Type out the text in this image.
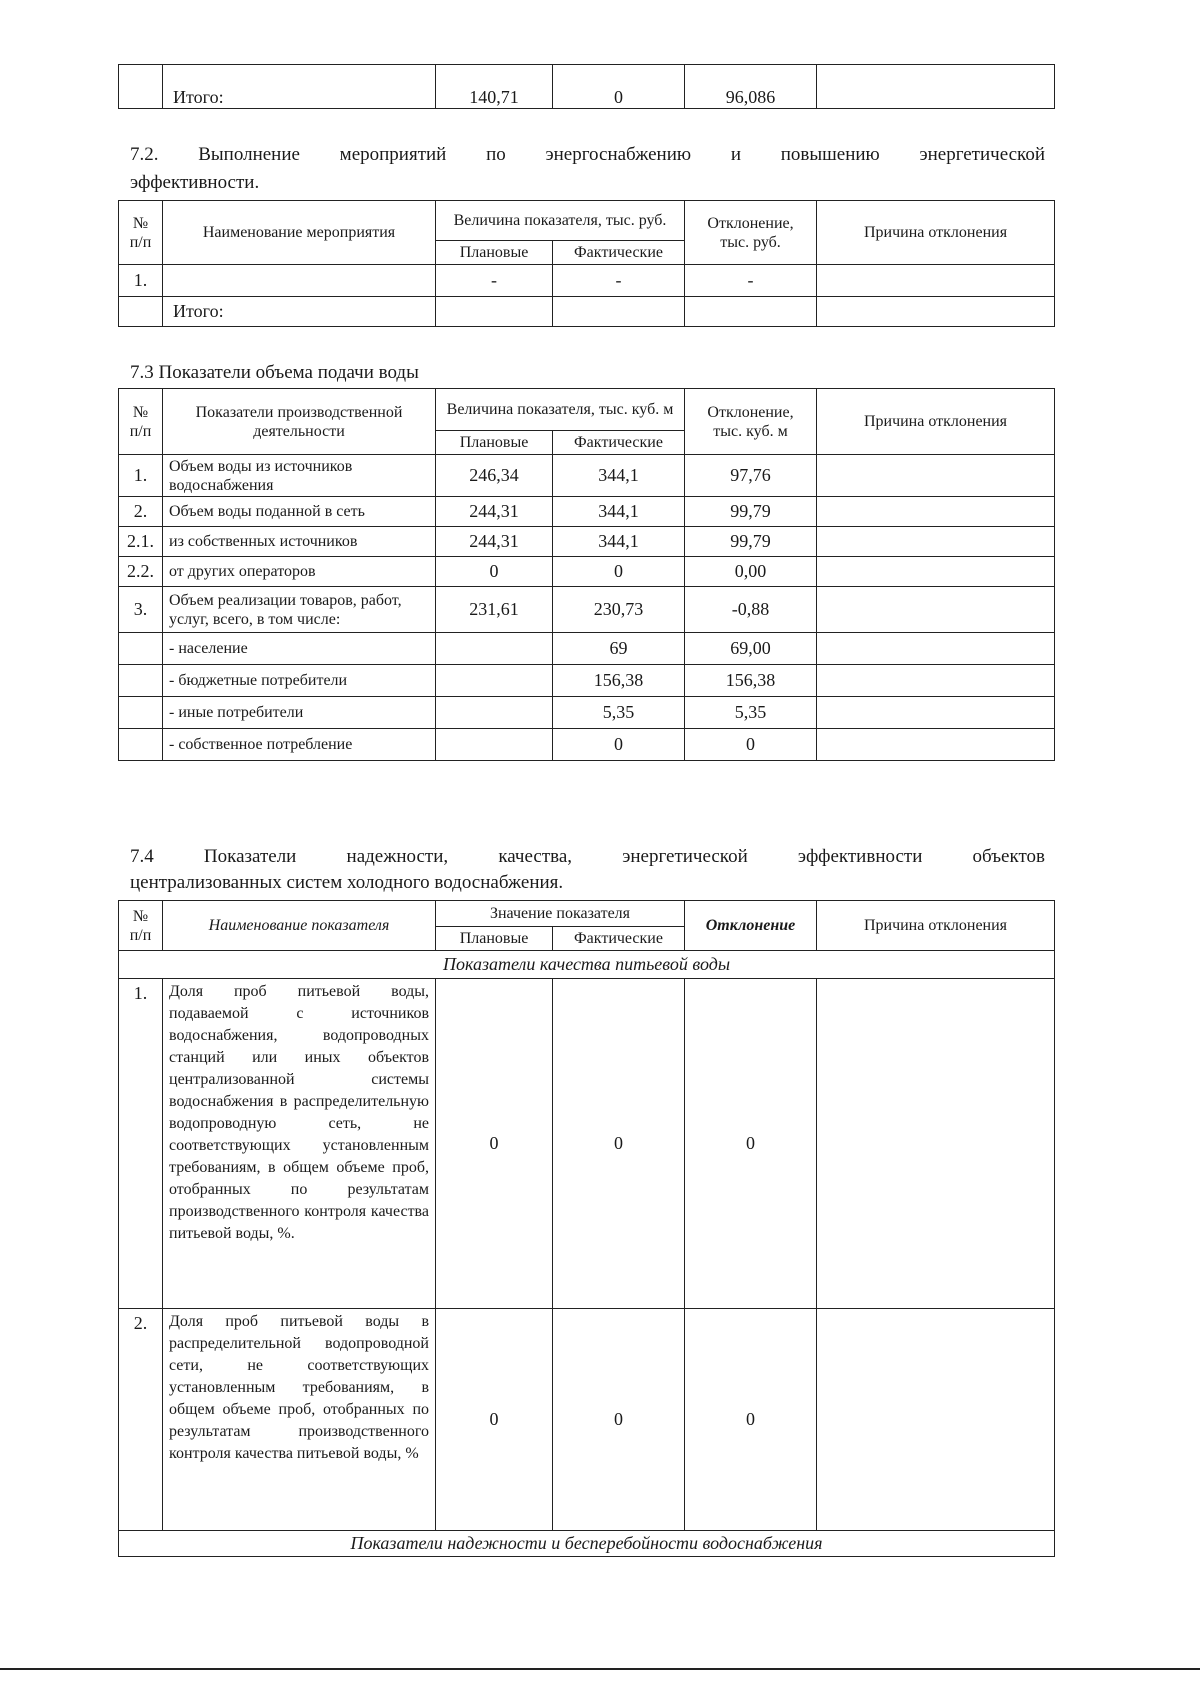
	Итого:	140,71	0	96,086	
7.2. Выполнение мероприятий по энергоснабжению и повышению энергетической
эффективности.
№ п/п	Наименование мероприятия	Величина показателя, тыс. руб.		Отклонение, тыс. руб.	Причина отклонения
		Плановые	Фактические		
1.		-	-	-	
	Итого:				
7.3 Показатели объема подачи воды
№ п/п	Показатели производственной деятельности	Величина показателя, тыс. куб. м		Отклонение, тыс. куб. м	Причина отклонения
		Плановые	Фактические		
1.	Объем воды из источников водоснабжения	246,34	344,1	97,76	
2.	Объем воды поданной в сеть	244,31	344,1	99,79	
2.1.	из собственных источников	244,31	344,1	99,79	
2.2.	от других операторов	0	0	0,00	
3.	Объем реализации товаров, работ, услуг, всего, в том числе:	231,61	230,73	-0,88	
	- население		69	69,00	
	- бюджетные потребители		156,38	156,38	
	- иные потребители		5,35	5,35	
	- собственное потребление		0	0	
7.4 Показатели надежности, качества, энергетической эффективности объектов
централизованных систем холодного водоснабжения.
№ п/п	Наименование показателя	Значение показателя		Отклонение	Причина отклонения
		Плановые	Фактические		
Показатели качества питьевой воды					
1.	Доля проб питьевой воды, подаваемой с источников водоснабжения, водопроводных станций или иных объектов централизованной системы водоснабжения в распределительную водопроводную сеть, не соответствующих установленным требованиям, в общем объеме проб, отобранных по результатам производственного контроля качества питьевой воды, %.	0	0	0	
2.	Доля проб питьевой воды в распределительной водопроводной сети, не соответствующих установленным требованиям, в общем объеме проб, отобранных по результатам производственного контроля качества питьевой воды, %	0	0	0	
Показатели надежности и бесперебойности водоснабжения					
